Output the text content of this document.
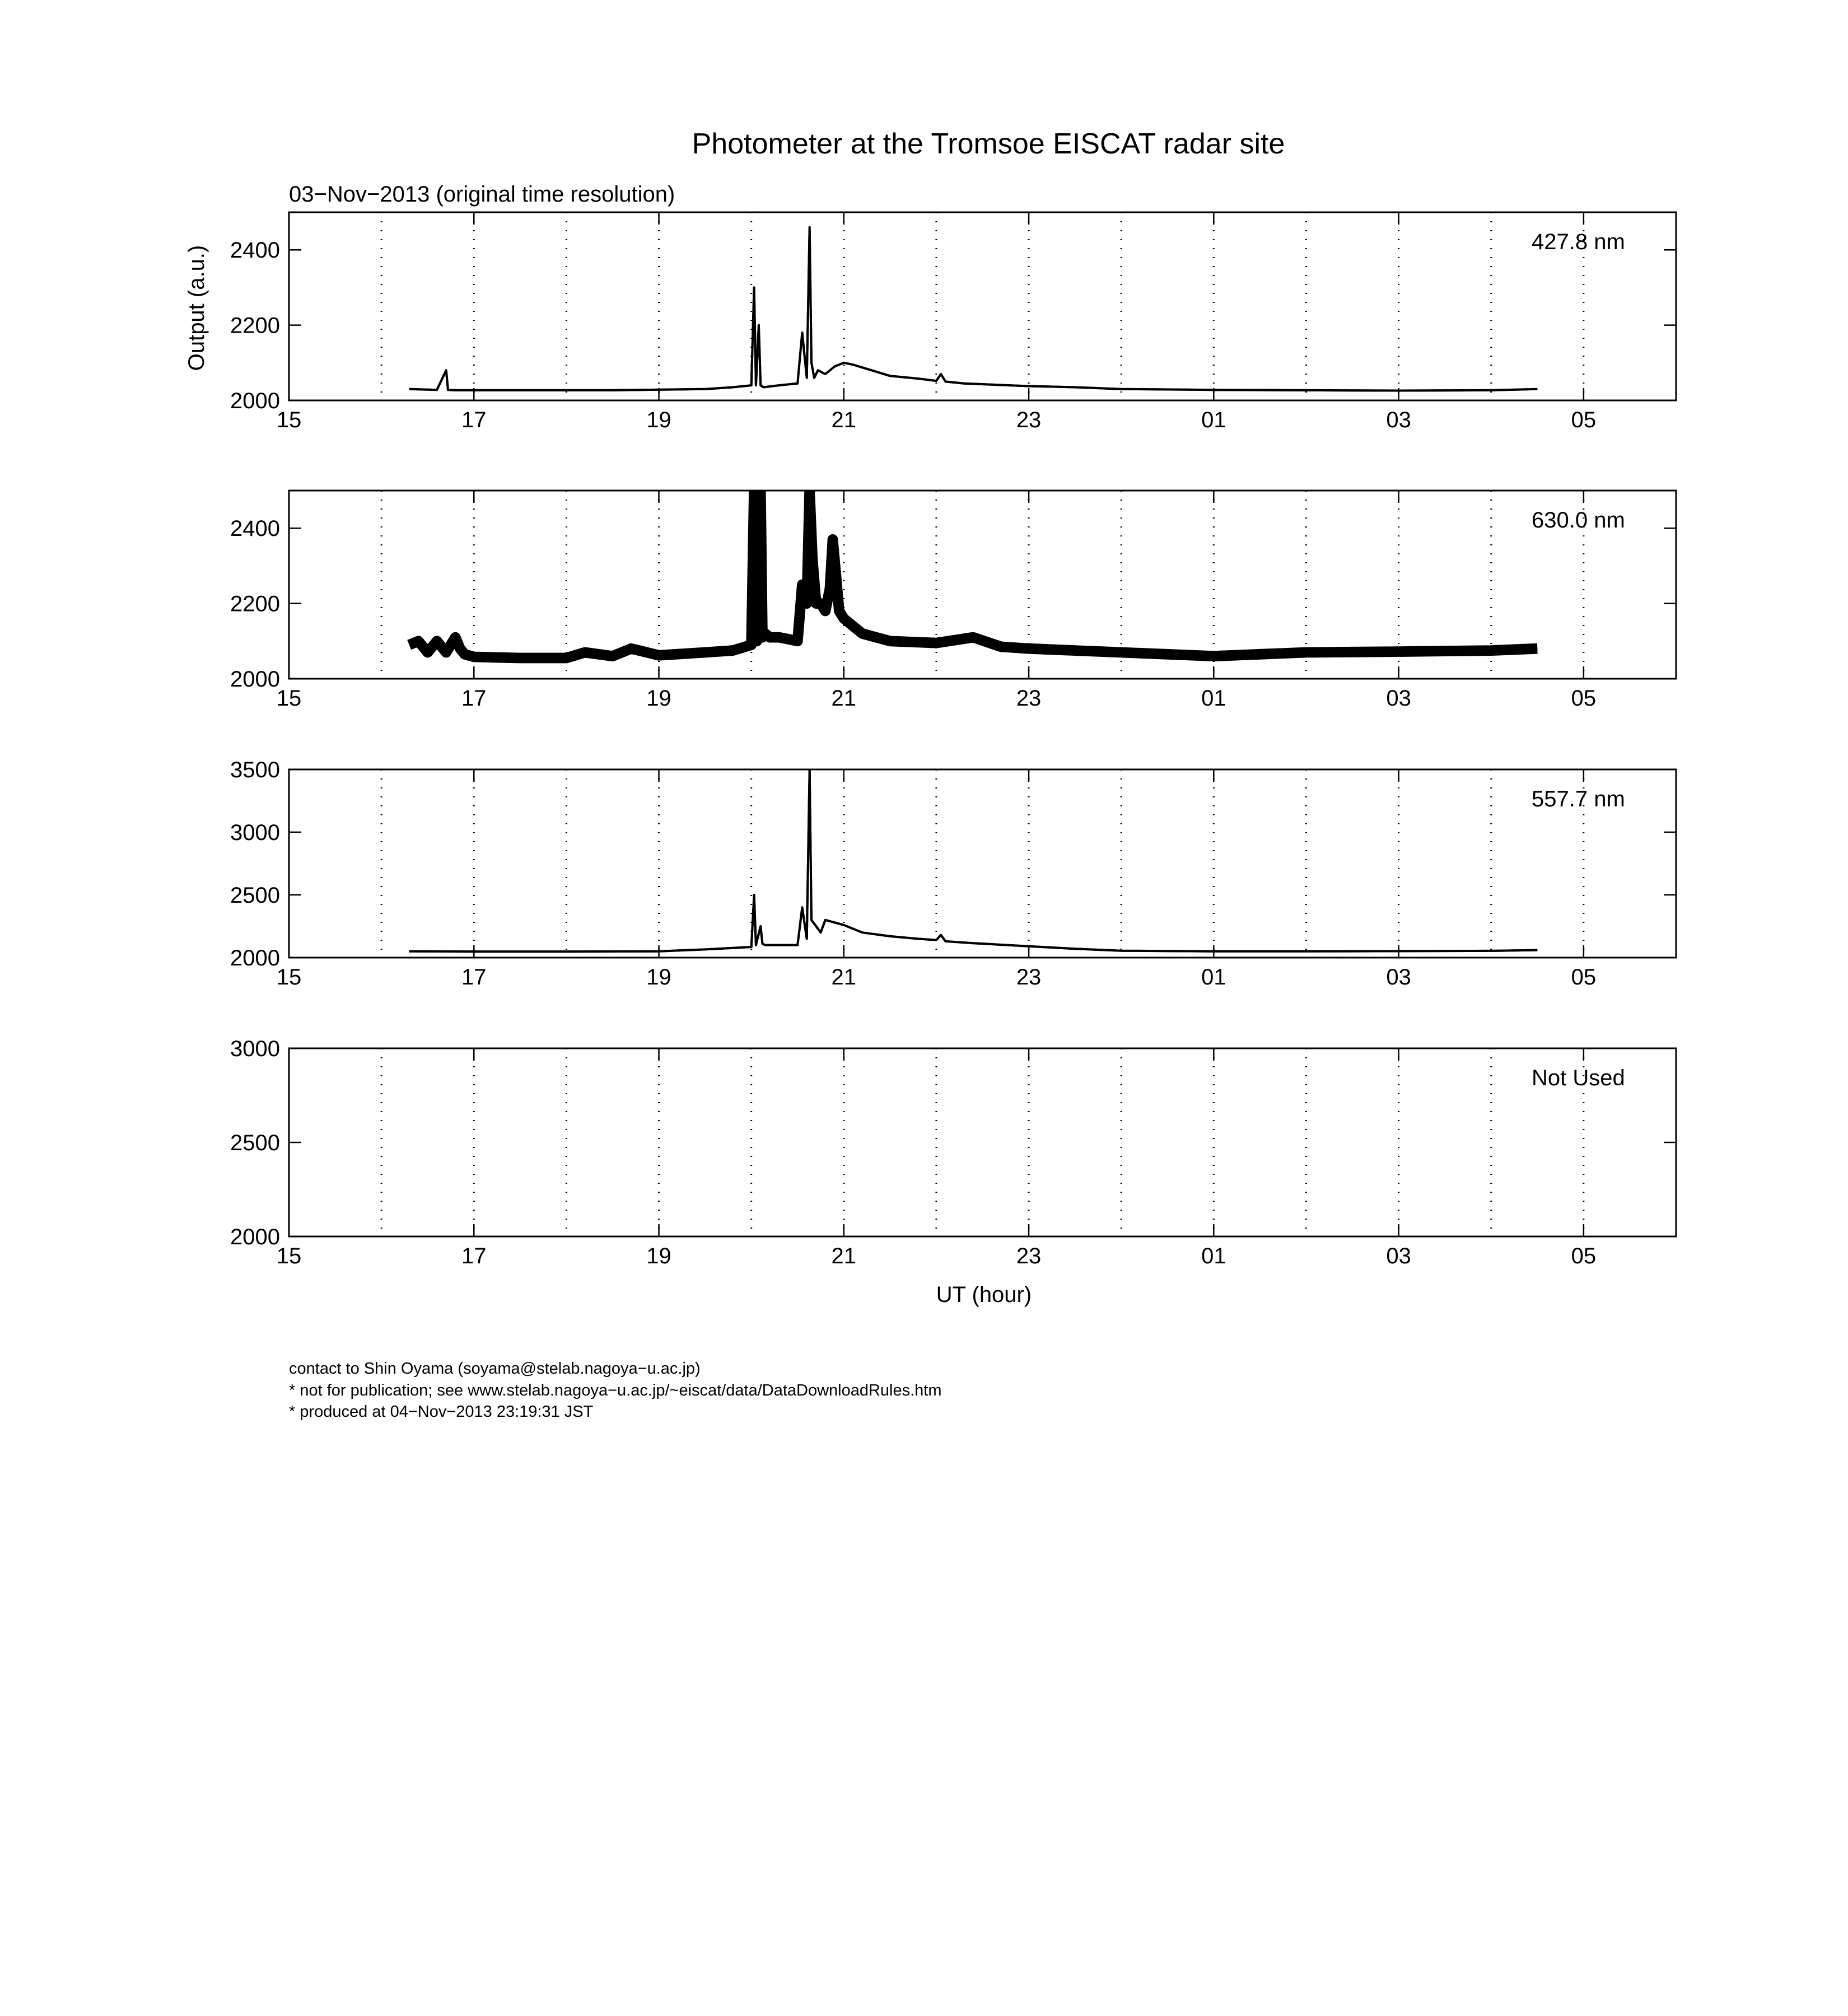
Photometer at the Tromsoe EISCAT radar site
03−Nov−2013 (original time resolution)
Output (a.u.)
UT (hour)
contact to Shin Oyama (soyama@stelab.nagoya−u.ac.jp)
* not for publication; see www.stelab.nagoya−u.ac.jp/~eiscat/data/DataDownloadRules.htm
* produced at 04−Nov−2013 23:19:31 JST
2000
2200
2400
15	17	19	21	23	01	03	05
427.8 nm
2000
2200
2400
15	17	19	21	23	01	03	05
630.0 nm
2000
2500
3000
3500
15	17	19	21	23	01	03	05
557.7 nm
2000
2500
3000
15	17	19	21	23	01	03	05
Not Used
